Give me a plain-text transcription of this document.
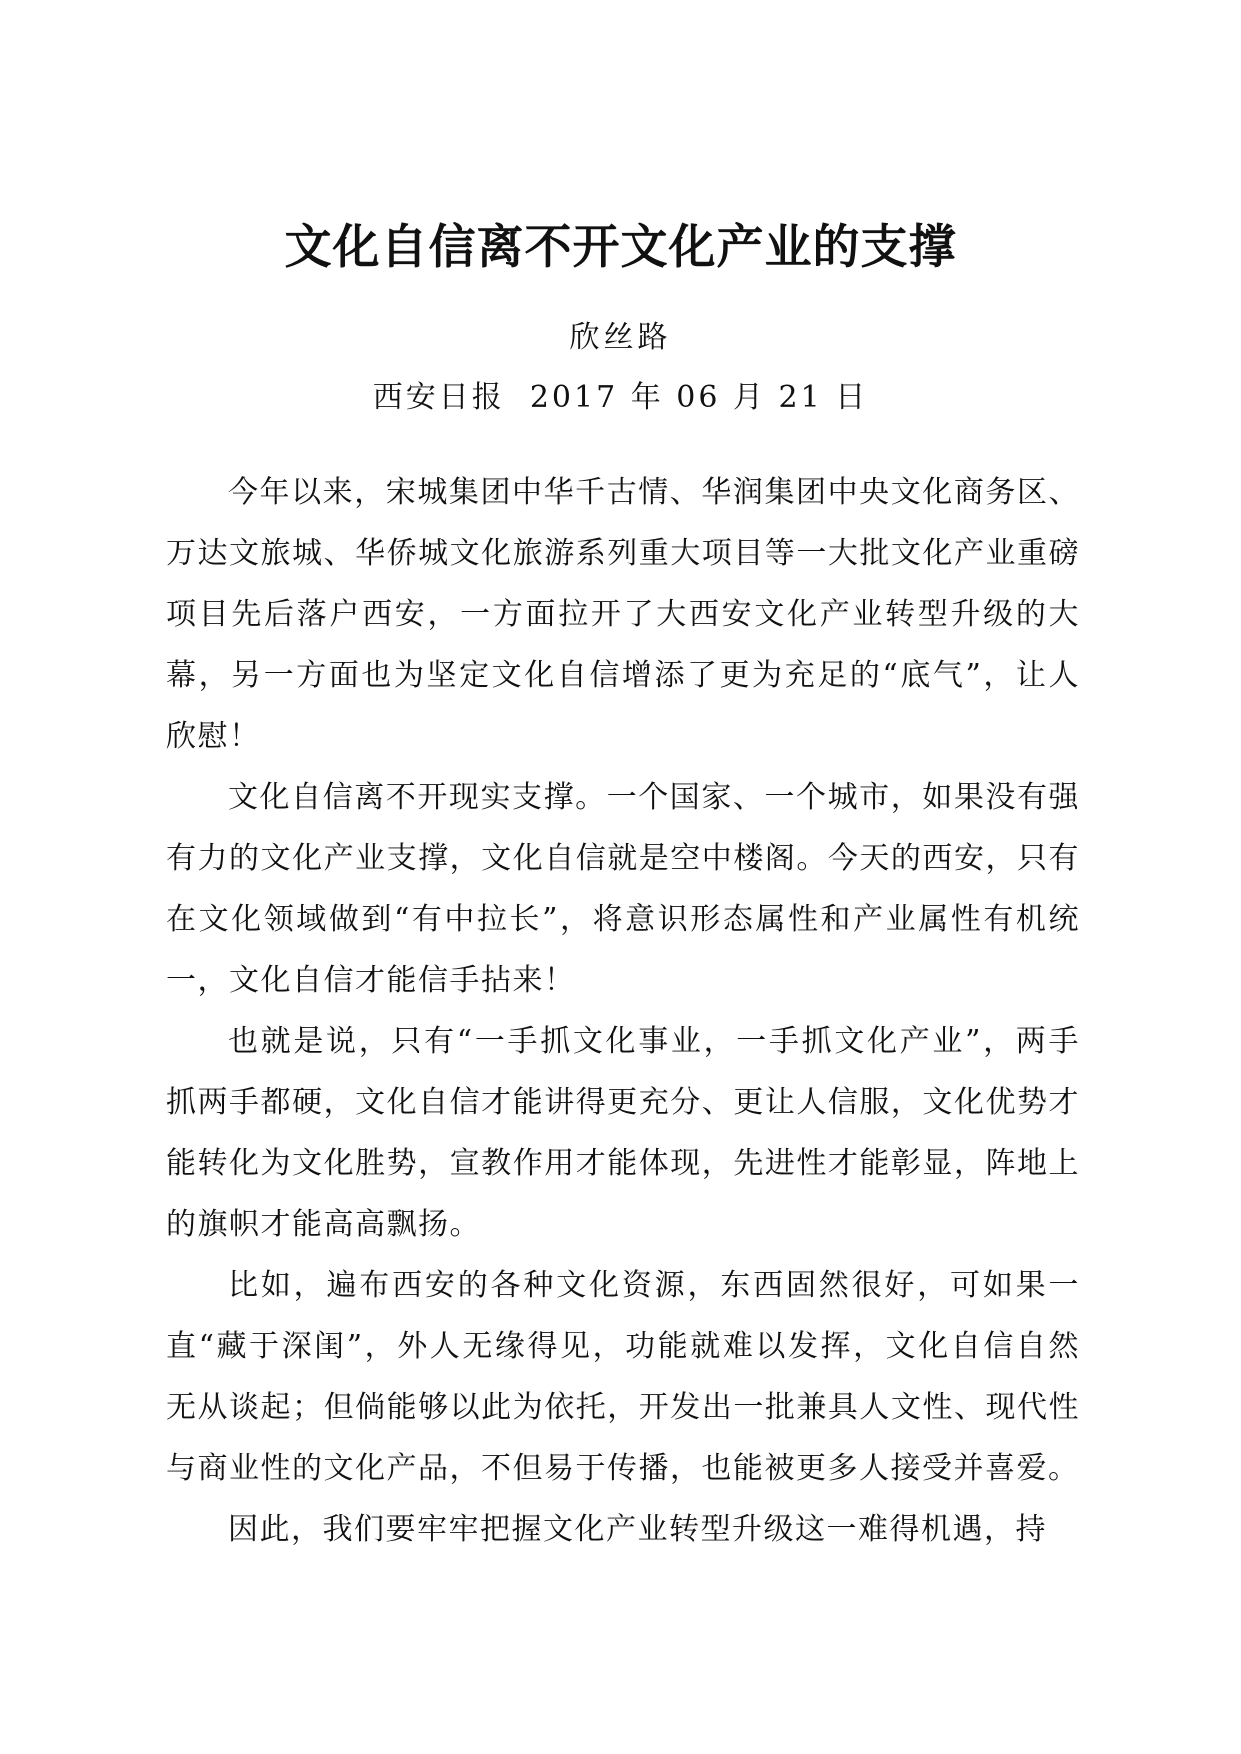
文化自信离不开文化产业的支撑
欣丝路
西安日报  2017 年 06 月 21 日

今年以来，宋城集团中华千古情、华润集团中央文化商务区、万达文旅城、华侨城文化旅游系列重大项目等一大批文化产业重磅项目先后落户西安，一方面拉开了大西安文化产业转型升级的大幕，另一方面也为坚定文化自信增添了更为充足的“底气”，让人欣慰！

文化自信离不开现实支撑。一个国家、一个城市，如果没有强有力的文化产业支撑，文化自信就是空中楼阁。今天的西安，只有在文化领域做到“有中拉长”，将意识形态属性和产业属性有机统一，文化自信才能信手拈来！

也就是说，只有“一手抓文化事业，一手抓文化产业”，两手抓两手都硬，文化自信才能讲得更充分、更让人信服，文化优势才能转化为文化胜势，宣教作用才能体现，先进性才能彰显，阵地上的旗帜才能高高飘扬。

比如，遍布西安的各种文化资源，东西固然很好，可如果一直“藏于深闺”，外人无缘得见，功能就难以发挥，文化自信自然无从谈起；但倘能够以此为依托，开发出一批兼具人文性、现代性与商业性的文化产品，不但易于传播，也能被更多人接受并喜爱。

因此，我们要牢牢把握文化产业转型升级这一难得机遇，持
